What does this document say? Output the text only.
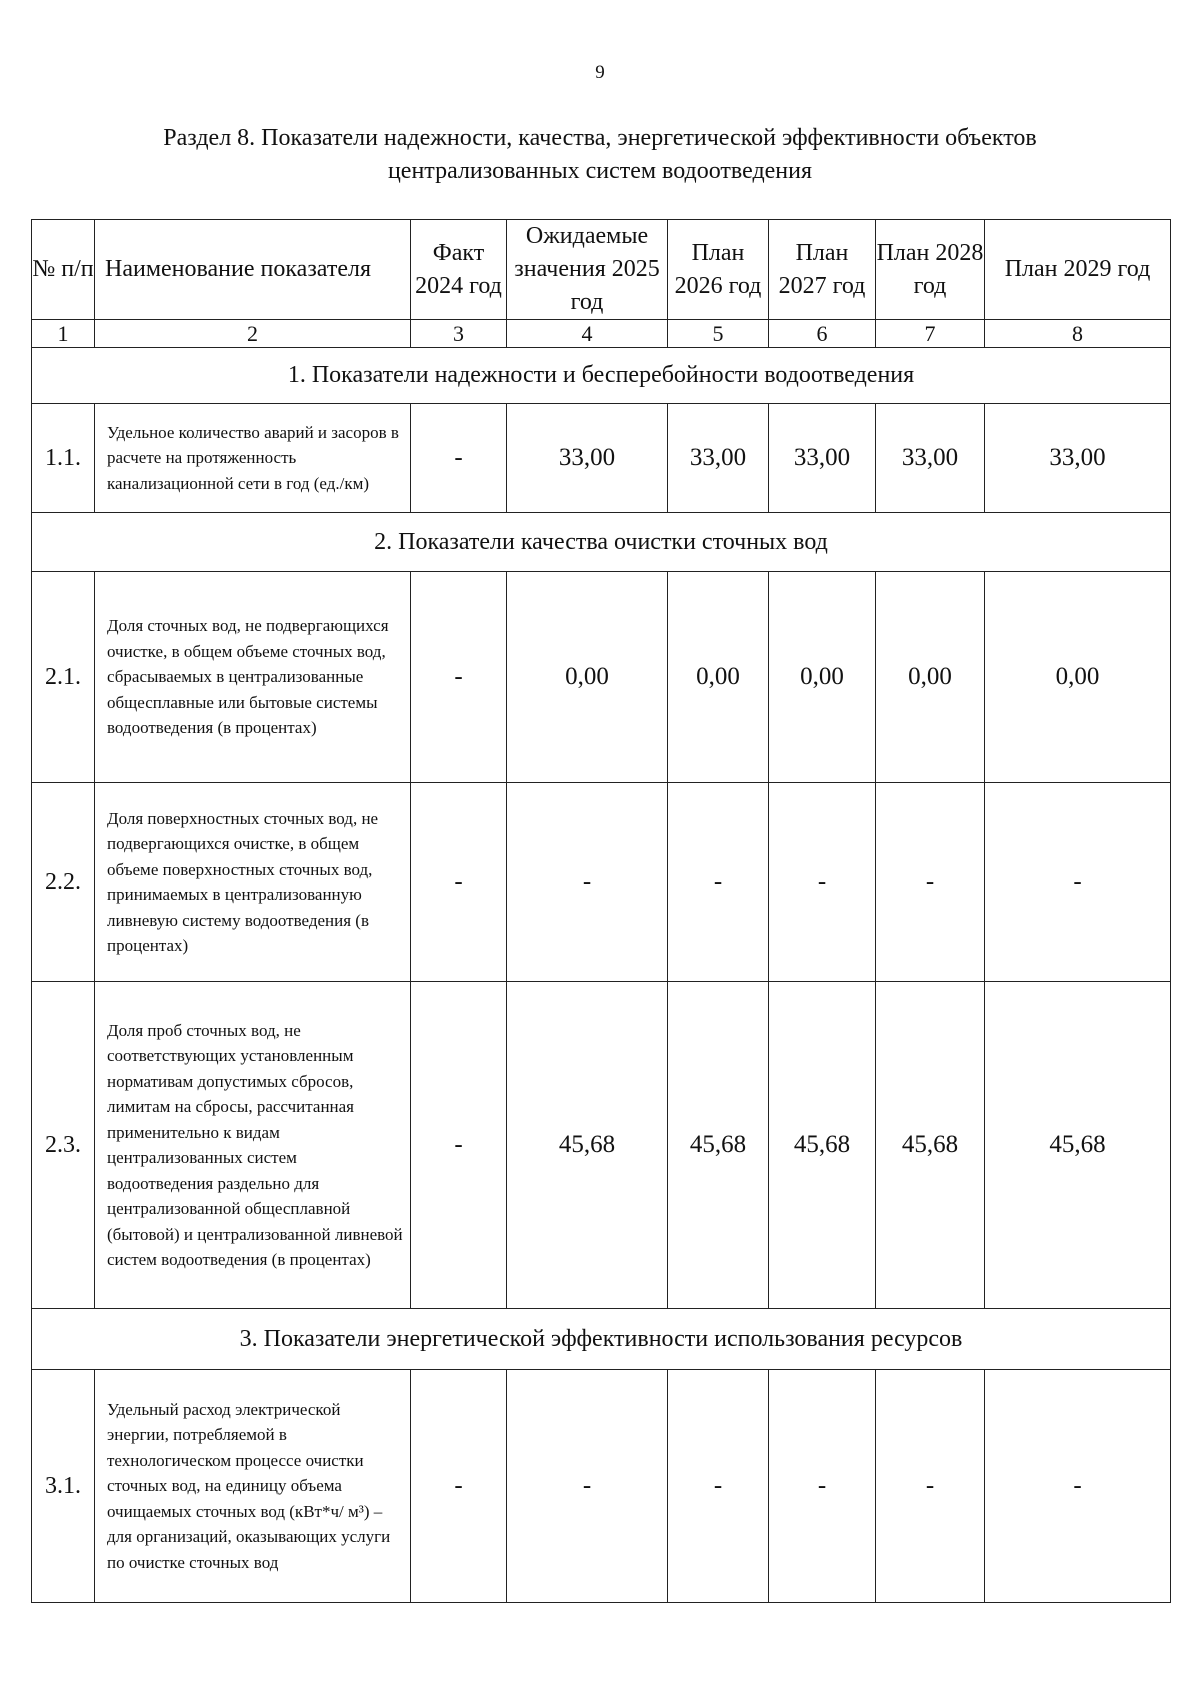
9
Раздел 8. Показатели надежности, качества, энергетической эффективности объектов
централизованных систем водоотведения
№ п/п	Наименование показателя	Факт 2024 год	Ожидаемые значения 2025 год	План 2026 год	План 2027 год	План 2028 год	План 2029 год
1	2	3	4	5	6	7	8
1. Показатели надежности и бесперебойности водоотведения							
1.1.	Удельное количество аварий и засоров в расчете на протяженность канализационной сети в год (ед./км)	-	33,00	33,00	33,00	33,00	33,00
2. Показатели качества очистки сточных вод							
2.1.	Доля сточных вод, не подвергающихся очистке, в общем объеме сточных вод, сбрасываемых в централизованные общесплавные или бытовые системы водоотведения (в процентах)	-	0,00	0,00	0,00	0,00	0,00
2.2.	Доля поверхностных сточных вод, не подвергающихся очистке, в общем объеме поверхностных сточных вод, принимаемых в централизованную ливневую систему водоотведения (в процентах)	-	-	-	-	-	-
2.3.	Доля проб сточных вод, не соответствующих установленным нормативам допустимых сбросов, лимитам на сбросы, рассчитанная применительно к видам централизованных систем водоотведения раздельно для централизованной общесплавной (бытовой) и централизованной ливневой систем водоотведения (в процентах)	-	45,68	45,68	45,68	45,68	45,68
3. Показатели энергетической эффективности использования ресурсов							
3.1.	Удельный расход электрической энергии, потребляемой в технологическом процессе очистки сточных вод, на единицу объема очищаемых сточных вод (кВт*ч/ м³) – для организаций, оказывающих услуги по очистке сточных вод	-	-	-	-	-	-
